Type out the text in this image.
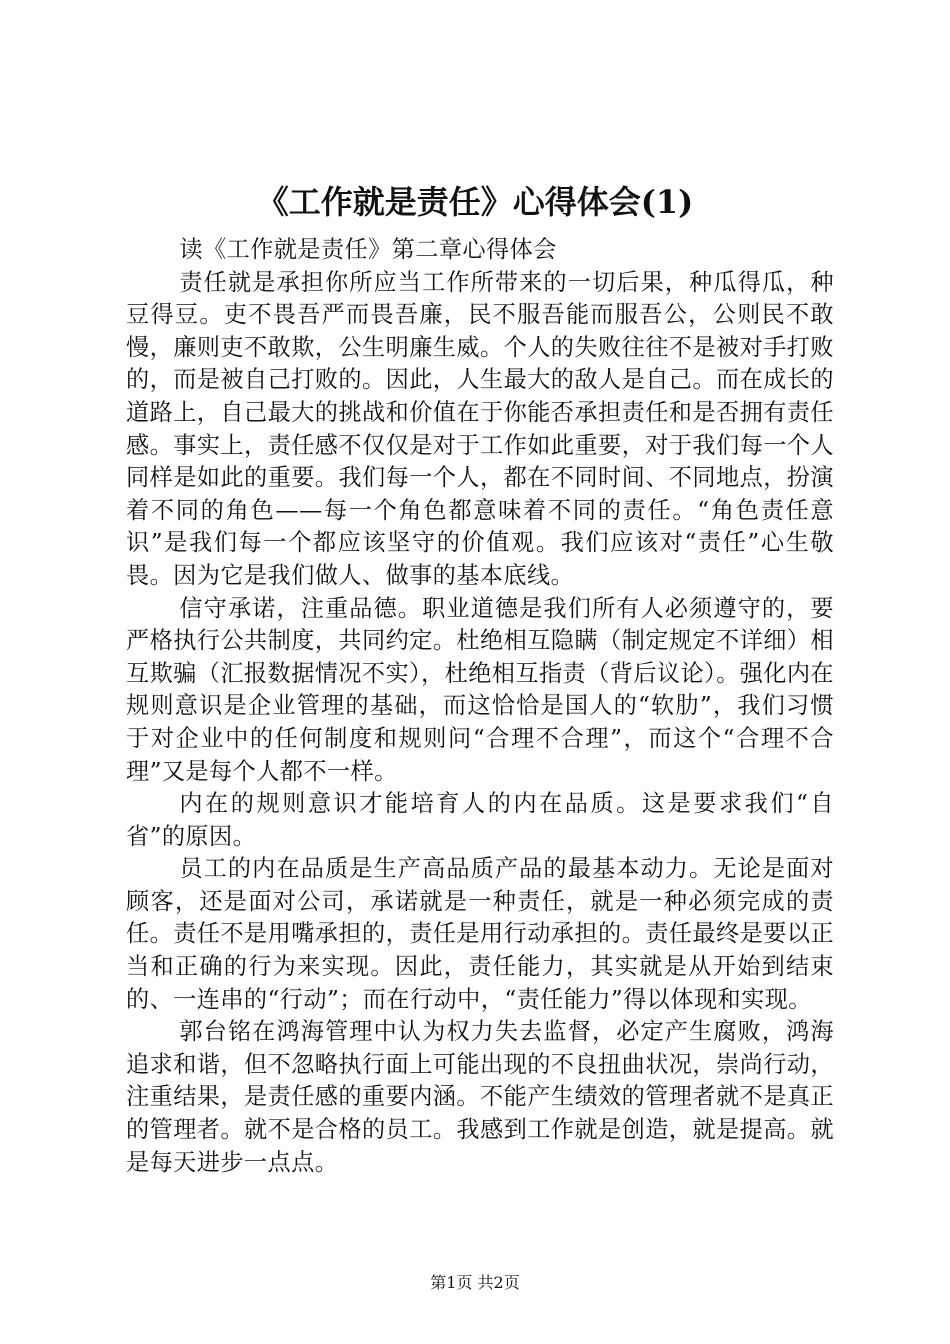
《工作就是责任》心得体会(1)

读《工作就是责任》第二章心得体会

责任就是承担你所应当工作所带来的一切后果，种瓜得瓜，种豆得豆。吏不畏吾严而畏吾廉，民不服吾能而服吾公，公则民不敢慢，廉则吏不敢欺，公生明廉生威。个人的失败往往不是被对手打败的，而是被自己打败的。因此，人生最大的敌人是自己。而在成长的道路上，自己最大的挑战和价值在于你能否承担责任和是否拥有责任感。事实上，责任感不仅仅是对于工作如此重要，对于我们每一个人同样是如此的重要。我们每一个人，都在不同时间、不同地点，扮演着不同的角色——每一个角色都意味着不同的责任。“角色责任意识”是我们每一个都应该坚守的价值观。我们应该对“责任”心生敬畏。因为它是我们做人、做事的基本底线。

信守承诺，注重品德。职业道德是我们所有人必须遵守的，要严格执行公共制度，共同约定。杜绝相互隐瞒（制定规定不详细）相互欺骗（汇报数据情况不实），杜绝相互指责（背后议论）。强化内在规则意识是企业管理的基础，而这恰恰是国人的“软肋”，我们习惯于对企业中的任何制度和规则问“合理不合理”，而这个“合理不合理”又是每个人都不一样。

内在的规则意识才能培育人的内在品质。这是要求我们“自省”的原因。

员工的内在品质是生产高品质产品的最基本动力。无论是面对顾客，还是面对公司，承诺就是一种责任，就是一种必须完成的责任。责任不是用嘴承担的，责任是用行动承担的。责任最终是要以正当和正确的行为来实现。因此，责任能力，其实就是从开始到结束的、一连串的“行动”；而在行动中，“责任能力”得以体现和实现。

郭台铭在鸿海管理中认为权力失去监督，必定产生腐败，鸿海追求和谐，但不忽略执行面上可能出现的不良扭曲状况，崇尚行动，注重结果，是责任感的重要内涵。不能产生绩效的管理者就不是真正的管理者。就不是合格的员工。我感到工作就是创造，就是提高。就是每天进步一点点。

第1页 共2页
